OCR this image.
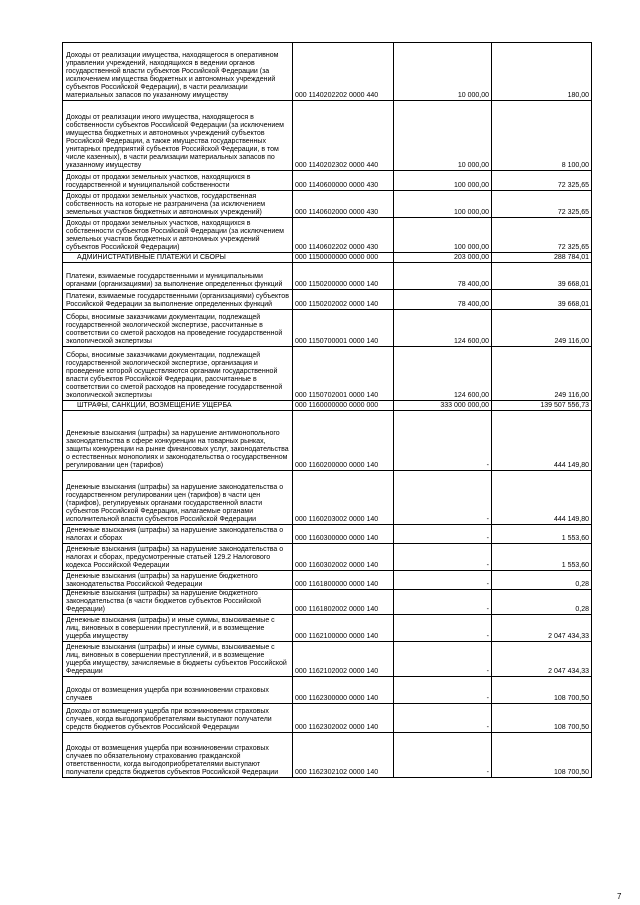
Доходы от реализации имущества, находящегося в оперативном управлении учреждений, находящихся в ведении органов государственной власти субъектов Российской Федерации (за исключением имущества бюджетных и автономных учреждений субъектов Российской Федерации), в части реализации материальных запасов по указанному имуществу	000 1140202202 0000 440	10 000,00	180,00
Доходы от реализации иного имущества, находящегося в собственности субъектов Российской Федерации (за исключением имущества бюджетных и автономных учреждений субъектов Российской Федерации, а также имущества государственных унитарных предприятий субъектов Российской Федерации, в том числе казенных), в части реализации материальных запасов по указанному имуществу	000 1140202302 0000 440	10 000,00	8 100,00
Доходы от продажи земельных участков, находящихся в государственной и муниципальной собственности	000 1140600000 0000 430	100 000,00	72 325,65
Доходы от продажи земельных участков, государственная собственность на которые не разграничена (за исключением земельных участков бюджетных и автономных учреждений)	000 1140602000 0000 430	100 000,00	72 325,65
Доходы от продажи земельных участков, находящихся в собственности субъектов Российской Федерации (за исключением земельных участков бюджетных и автономных учреждений субъектов Российской Федерации)	000 1140602202 0000 430	100 000,00	72 325,65
АДМИНИСТРАТИВНЫЕ ПЛАТЕЖИ И СБОРЫ	000 1150000000 0000 000	203 000,00	288 784,01
Платежи, взимаемые государственными и муниципальными органами (организациями) за выполнение определенных функций	000 1150200000 0000 140	78 400,00	39 668,01
Платежи, взимаемые государственными (организациями) субъектов Российской Федерации за выполнение определенных функций	000 1150202002 0000 140	78 400,00	39 668,01
Сборы, вносимые заказчиками документации, подлежащей государственной экологической экспертизе, рассчитанные в соответствии со сметой расходов на проведение государственной экологической экспертизы	000 1150700001 0000 140	124 600,00	249 116,00
Сборы, вносимые заказчиками документации, подлежащей государственной экологической экспертизе, организация и проведение которой осуществляются органами государственной власти субъектов Российской Федерации, рассчитанные в соответствии со сметой расходов на проведение государственной экологической экспертизы	000 1150702001 0000 140	124 600,00	249 116,00
ШТРАФЫ, САНКЦИИ, ВОЗМЕЩЕНИЕ УЩЕРБА	000 1160000000 0000 000	333 000 000,00	139 507 556,73
Денежные взыскания (штрафы) за нарушение антимонопольного законодательства в сфере конкуренции на товарных рынках, защиты конкуренции на рынке финансовых услуг, законодательства о естественных монополиях и законодательства о государственном регулировании цен (тарифов)	000 1160200000 0000 140	-	444 149,80
Денежные взыскания (штрафы) за нарушение законодательства о государственном регулировании цен (тарифов) в части цен (тарифов), регулируемых органами государственной власти субъектов Российской Федерации, налагаемые органами исполнительной власти субъектов Российской Федерации	000 1160203002 0000 140	-	444 149,80
Денежные взыскания (штрафы) за нарушение законодательства о налогах и сборах	000 1160300000 0000 140	-	1 553,60
Денежные взыскания (штрафы) за нарушение законодательства о налогах и сборах, предусмотренные статьей 129.2 Налогового кодекса Российской Федерации	000 1160302002 0000 140	-	1 553,60
Денежные взыскания (штрафы) за нарушение бюджетного законодательства Российской Федерации	000 1161800000 0000 140	-	0,28
Денежные взыскания (штрафы) за нарушение бюджетного законодательства (в части бюджетов субъектов Российской Федерации)	000 1161802002 0000 140	-	0,28
Денежные взыскания (штрафы) и иные суммы, взыскиваемые с лиц, виновных в совершении преступлений, и в возмещение ущерба имуществу	000 1162100000 0000 140	-	2 047 434,33
Денежные взыскания (штрафы) и иные суммы, взыскиваемые с лиц, виновных в совершении преступлений, и в возмещение ущерба имуществу, зачисляемые в бюджеты субъектов Российской Федерации	000 1162102002 0000 140	-	2 047 434,33
Доходы от возмещения ущерба при возникновении страховых случаев	000 1162300000 0000 140	-	108 700,50
Доходы от возмещения ущерба при возникновении страховых случаев, когда выгодоприобретателями выступают получатели средств бюджетов субъектов Российской Федерации	000 1162302002 0000 140	-	108 700,50
Доходы от возмещения ущерба при возникновении страховых случаев по обязательному страхованию гражданской ответственности, когда выгодоприобретателями выступают получатели средств бюджетов субъектов Российской Федерации	000 1162302102 0000 140	-	108 700,50
7
